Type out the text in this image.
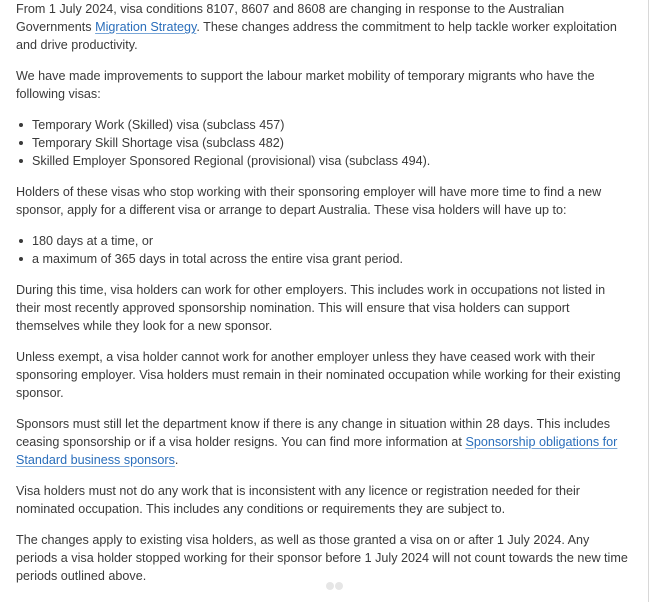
From 1 July 2024, visa conditions 8107, 8607 and 8608 are changing in response to the Australian Governments Migration Strategy. These changes address the commitment to help tackle worker exploitation and drive productivity.

We have made improvements to support the labour market mobility of temporary migrants who have the following visas:

Temporary Work (Skilled) visa (subclass 457)
Temporary Skill Shortage visa (subclass 482)
Skilled Employer Sponsored Regional (provisional) visa (subclass 494).

Holders of these visas who stop working with their sponsoring employer will have more time to find a new sponsor, apply for a different visa or arrange to depart Australia. These visa holders will have up to:

180 days at a time, or
a maximum of 365 days in total across the entire visa grant period.

During this time, visa holders can work for other employers. This includes work in occupations not listed in their most recently approved sponsorship nomination. This will ensure that visa holders can support themselves while they look for a new sponsor.

Unless exempt, a visa holder cannot work for another employer unless they have ceased work with their sponsoring employer. Visa holders must remain in their nominated occupation while working for their existing sponsor.

Sponsors must still let the department know if there is any change in situation within 28 days. This includes ceasing sponsorship or if a visa holder resigns. You can find more information at Sponsorship obligations for Standard business sponsors.

Visa holders must not do any work that is inconsistent with any licence or registration needed for their nominated occupation. This includes any conditions or requirements they are subject to.

The changes apply to existing visa holders, as well as those granted a visa on or after 1 July 2024. Any periods a visa holder stopped working for their sponsor before 1 July 2024 will not count towards the new time periods outlined above.
